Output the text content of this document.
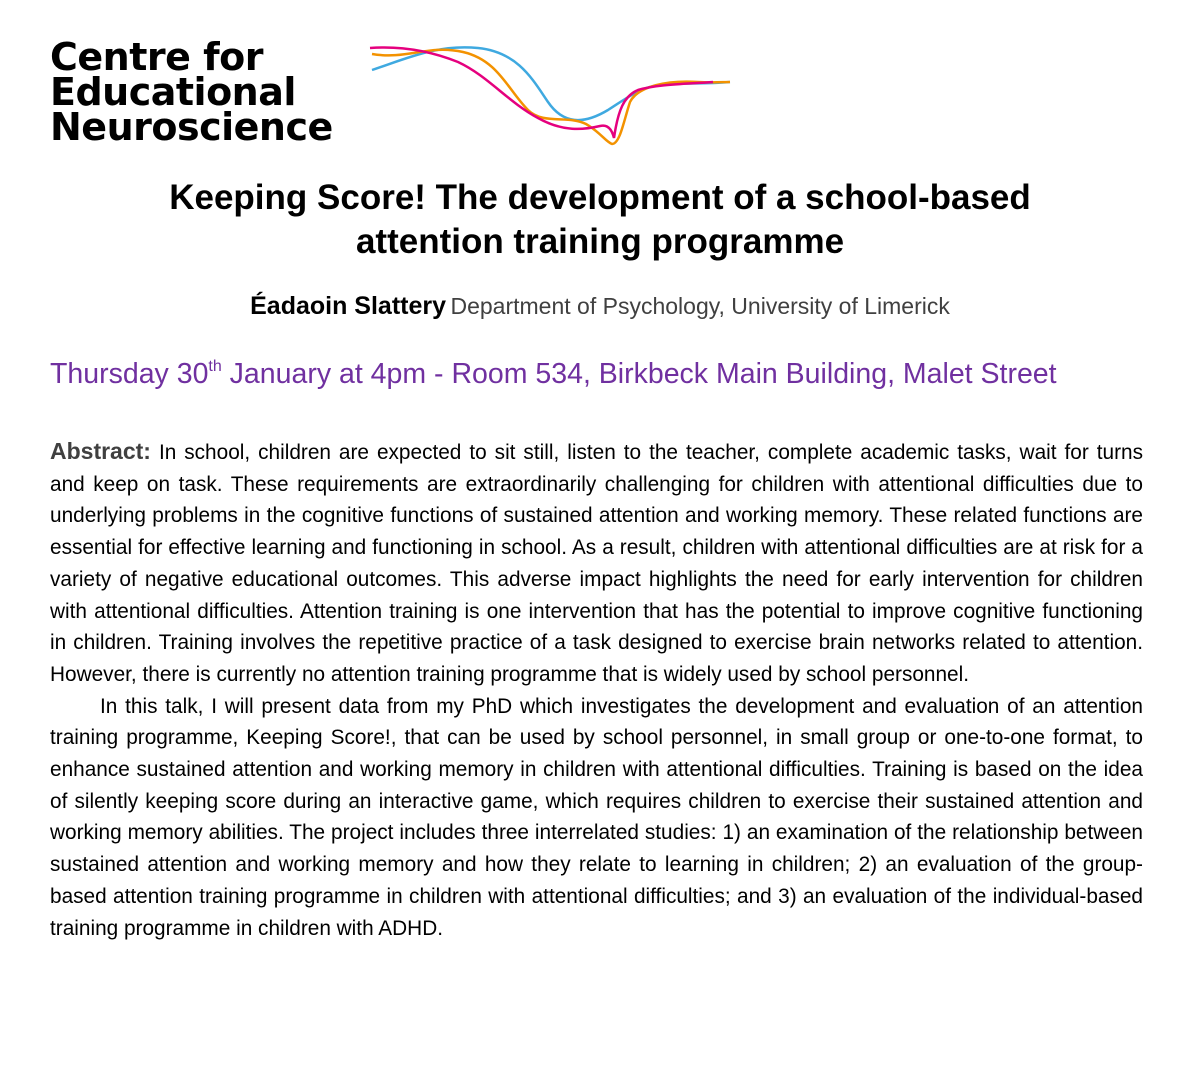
Centre for
Educational
Neuroscience
Keeping Score! The development of a school-based
attention training programme
Éadaoin Slattery Department of Psychology, University of Limerick
Thursday 30th January at 4pm - Room 534, Birkbeck Main Building, Malet Street

Abstract: In school, children are expected to sit still, listen to the teacher, complete academic tasks, wait for turns and keep on task. These requirements are extraordinarily challenging for children with attentional difficulties due to underlying problems in the cognitive functions of sustained attention and working memory. These related functions are essential for effective learning and functioning in school. As a result, children with attentional difficulties are at risk for a variety of negative educational outcomes. This adverse impact highlights the need for early intervention for children with attentional difficulties. Attention training is one intervention that has the potential to improve cognitive functioning in children. Training involves the repetitive practice of a task designed to exercise brain networks related to attention. However, there is currently no attention training programme that is widely used by school personnel.

In this talk, I will present data from my PhD which investigates the development and evaluation of an attention training programme, Keeping Score!, that can be used by school personnel, in small group or one-to-one format, to enhance sustained attention and working memory in children with attentional difficulties. Training is based on the idea of silently keeping score during an interactive game, which requires children to exercise their sustained attention and working memory abilities. The project includes three interrelated studies: 1) an examination of the relationship between sustained attention and working memory and how they relate to learning in children; 2) an evaluation of the group-based attention training programme in children with attentional difficulties; and 3) an evaluation of the individual-based training programme in children with ADHD.
